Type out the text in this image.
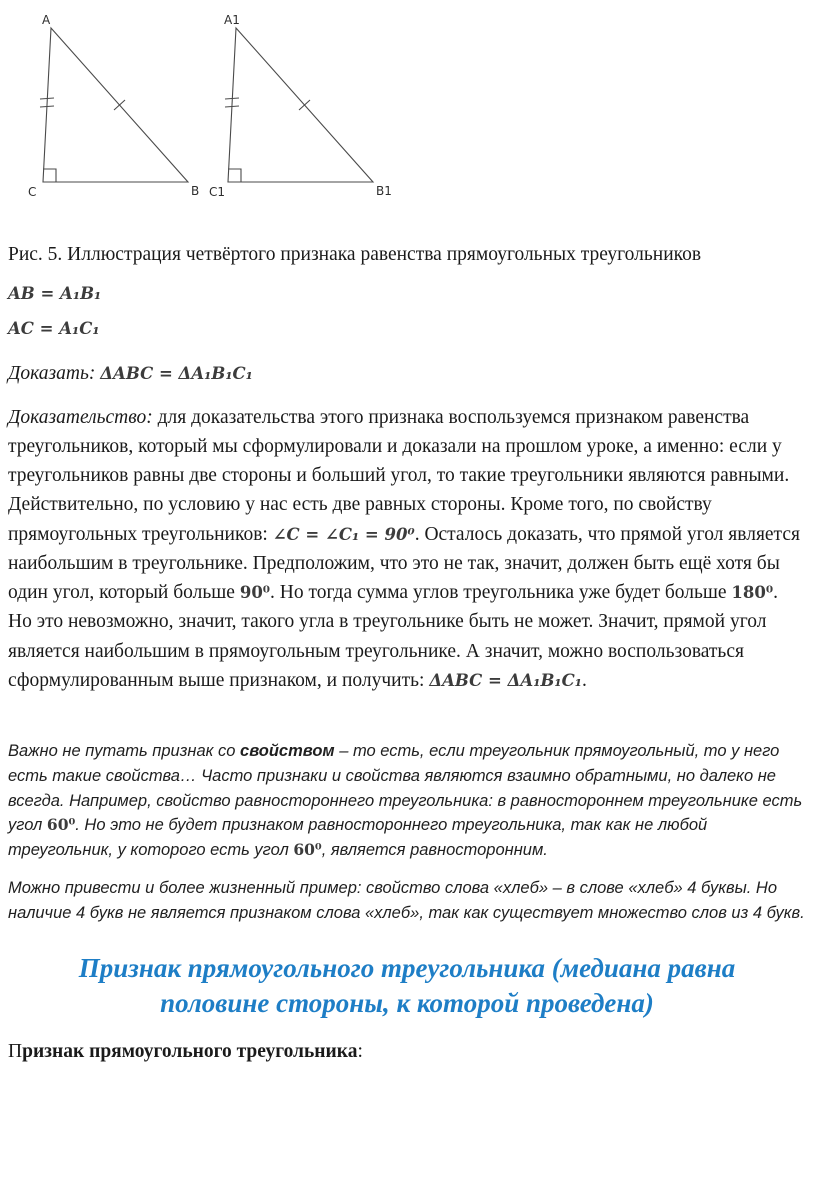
A
C	B
A1
C1	B1

Рис. 5. Иллюстрация четвёртого признака равенства прямоугольных треугольников

AB = A₁B₁
AC = A₁C₁

Доказать: ΔABC = ΔA₁B₁C₁

Доказательство: для доказательства этого признака воспользуемся признаком равенства треугольников, который мы сформулировали и доказали на прошлом уроке, а именно: если у треугольников равны две стороны и больший угол, то такие треугольники являются равными. Действительно, по условию у нас есть две равных стороны. Кроме того, по свойству прямоугольных треугольников: ∠C = ∠C₁ = 90⁰. Осталось доказать, что прямой угол является наибольшим в треугольнике. Предположим, что это не так, значит, должен быть ещё хотя бы один угол, который больше 90⁰. Но тогда сумма углов треугольника уже будет больше 180⁰. Но это невозможно, значит, такого угла в треугольнике быть не может. Значит, прямой угол является наибольшим в прямоугольным треугольнике. А значит, можно воспользоваться сформулированным выше признаком, и получить: ΔABC = ΔA₁B₁C₁.

Важно не путать признак со свойством – то есть, если треугольник прямоугольный, то у него есть такие свойства… Часто признаки и свойства являются взаимно обратными, но далеко не всегда. Например, свойство равностороннего треугольника: в равностороннем треугольнике есть угол 60⁰. Но это не будет признаком равностороннего треугольника, так как не любой треугольник, у которого есть угол 60⁰, является равносторонним.

Можно привести и более жизненный пример: свойство слова «хлеб» – в слове «хлеб» 4 буквы. Но наличие 4 букв не является признаком слова «хлеб», так как существует множество слов из 4 букв.

Признак прямоугольного треугольника (медиана равна половине стороны, к которой проведена)

Признак прямоугольного треугольника:
